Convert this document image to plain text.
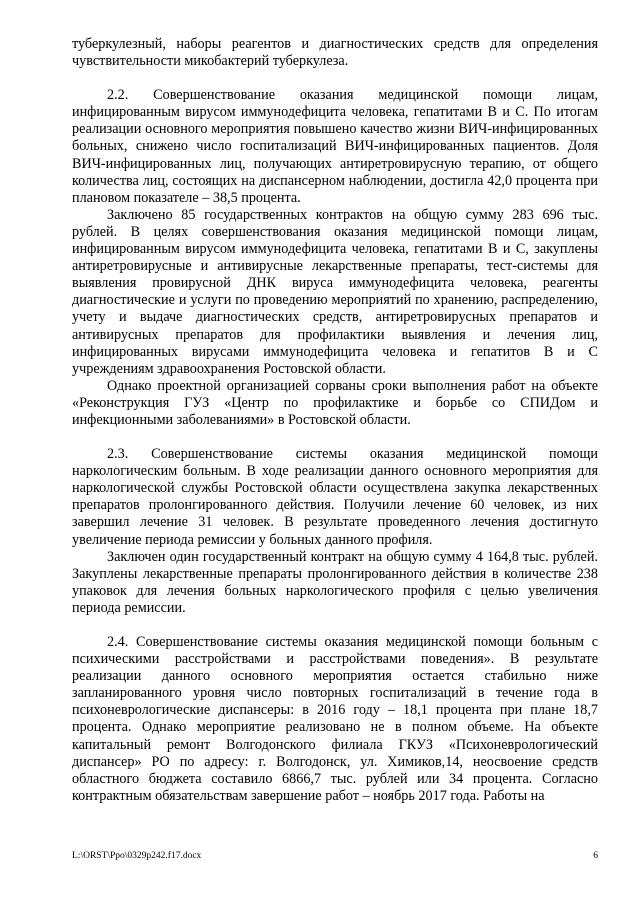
туберкулезный, наборы реагентов и диагностических средств для определения чувствительности микобактерий туберкулеза.

2.2. Совершенствование оказания медицинской помощи лицам, инфицированным вирусом иммунодефицита человека, гепатитами В и С. По итогам реализации основного мероприятия повышено качество жизни ВИЧ-инфицированных больных, снижено число госпитализаций ВИЧ-инфицированных пациентов. Доля ВИЧ-инфицированных лиц, получающих антиретровирусную терапию, от общего количества лиц, состоящих на диспансерном наблюдении, достигла 42,0 процента при плановом показателе – 38,5 процента.

Заключено 85 государственных контрактов на общую сумму 283 696 тыс. рублей. В целях совершенствования оказания медицинской помощи лицам, инфицированным вирусом иммунодефицита человека, гепатитами В и С, закуплены антиретровирусные и антивирусные лекарственные препараты, тест-системы для выявления провирусной ДНК вируса иммунодефицита человека, реагенты диагностические и услуги по проведению мероприятий по хранению, распределению, учету и выдаче диагностических средств, антиретровирусных препаратов и антивирусных препаратов для профилактики выявления и лечения лиц, инфицированных вирусами иммунодефицита человека и гепатитов В и С учреждениям здравоохранения Ростовской области.

Однако проектной организацией сорваны сроки выполнения работ на объекте «Реконструкция ГУЗ «Центр по профилактике и борьбе со СПИДом и инфекционными заболеваниями» в Ростовской области.

2.3. Совершенствование системы оказания медицинской помощи наркологическим больным. В ходе реализации данного основного мероприятия для наркологической службы Ростовской области осуществлена закупка лекарственных препаратов пролонгированного действия. Получили лечение 60 человек, из них завершил лечение 31 человек. В результате проведенного лечения достигнуто увеличение периода ремиссии у больных данного профиля.

Заключен один государственный контракт на общую сумму 4 164,8 тыс. рублей. Закуплены лекарственные препараты пролонгированного действия в количестве 238 упаковок для лечения больных наркологического профиля с целью увеличения периода ремиссии.

2.4. Совершенствование системы оказания медицинской помощи больным с психическими расстройствами и расстройствами поведения». В результате реализации данного основного мероприятия остается стабильно ниже запланированного уровня число повторных госпитализаций в течение года в психоневрологические диспансеры: в 2016 году – 18,1 процента при плане 18,7 процента. Однако мероприятие реализовано не в полном объеме. На объекте капитальный ремонт Волгодонского филиала ГКУЗ «Психоневрологический диспансер» РО по адресу: г. Волгодонск, ул. Химиков,14, неосвоение средств областного бюджета составило 6866,7 тыс. рублей или 34 процента. Согласно контрактным обязательствам завершение работ – ноябрь 2017 года. Работы на

L:\ORST\Ppo\0329p242.f17.docx	6
